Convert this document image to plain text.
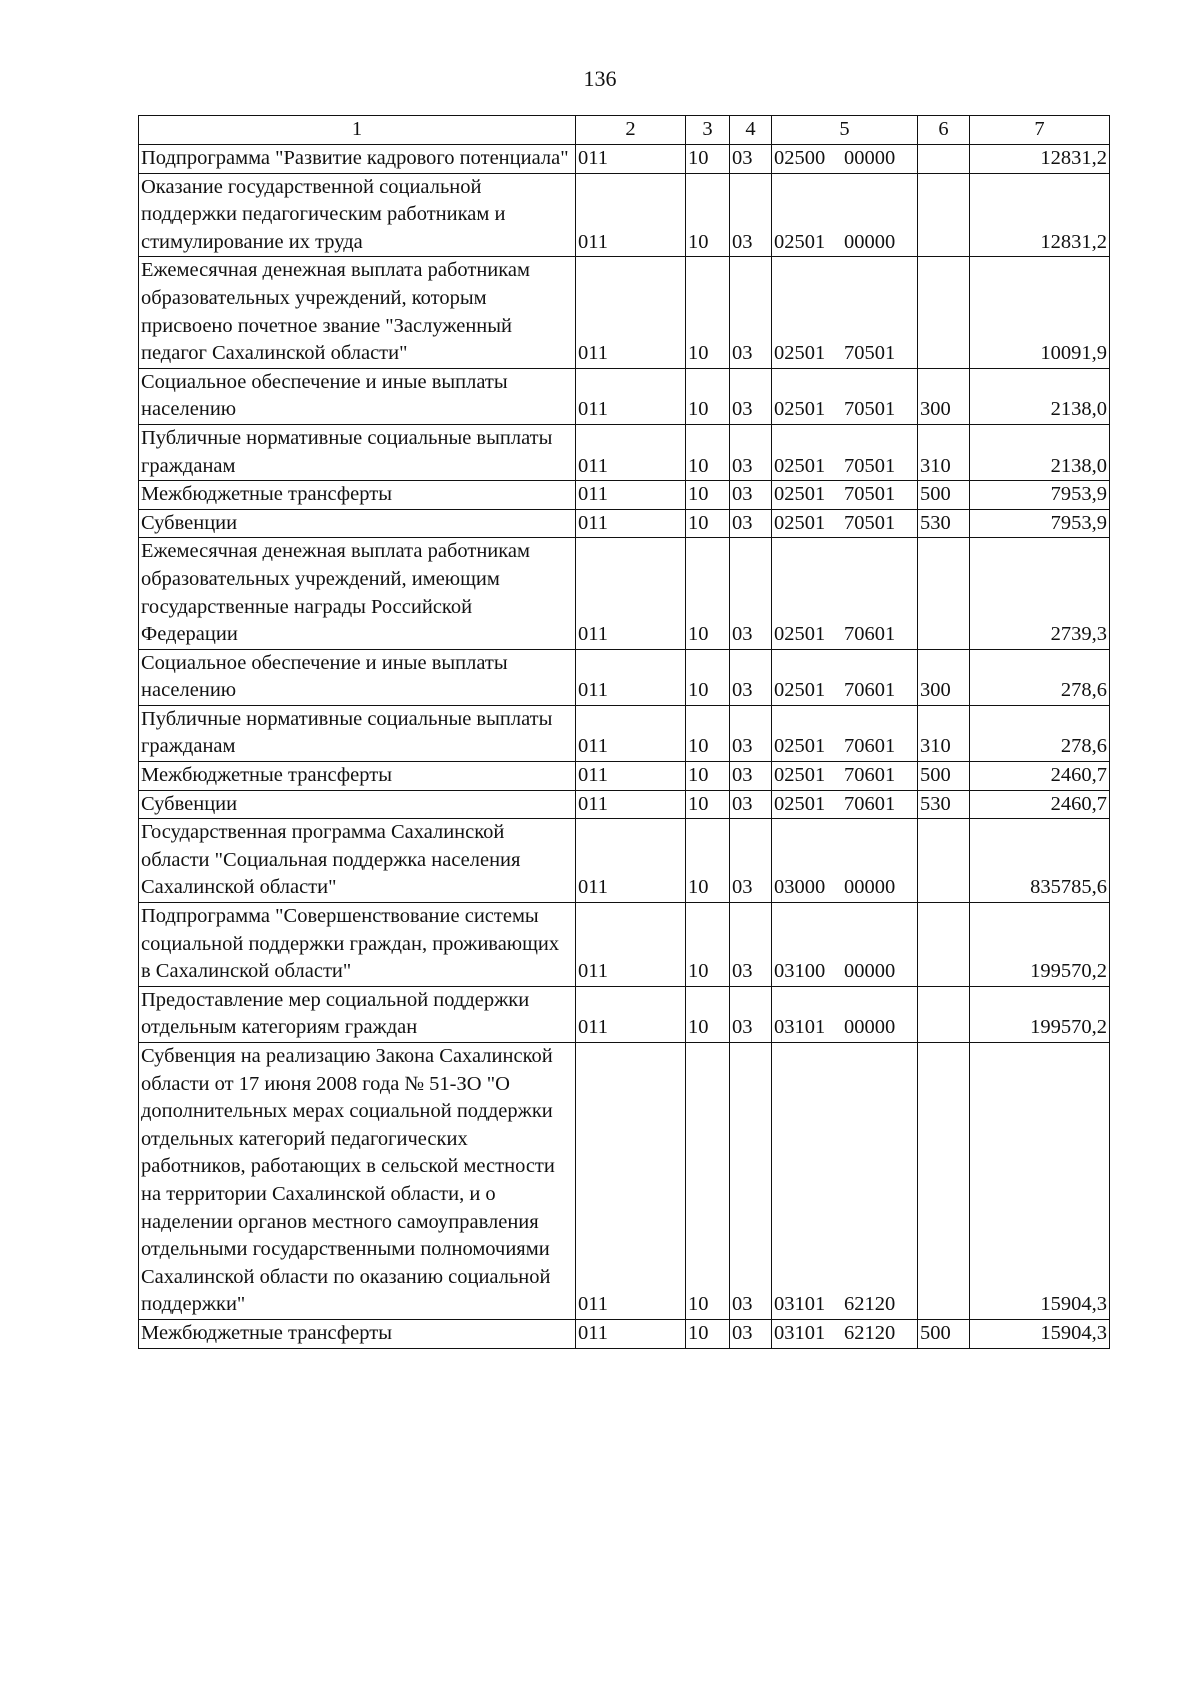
136
1	2	3	4	5	6	7
Подпрограмма "Развитие кадрового потенциала"	011	10	03	02500 00000		12831,2
Оказание государственной социальной поддержки педагогическим работникам и стимулирование их труда	011	10	03	02501 00000		12831,2
Ежемесячная денежная выплата работникам образовательных учреждений, которым присвоено почетное звание "Заслуженный педагог Сахалинской области"	011	10	03	02501 70501		10091,9
Социальное обеспечение и иные выплаты населению	011	10	03	02501 70501	300	2138,0
Публичные нормативные социальные выплаты гражданам	011	10	03	02501 70501	310	2138,0
Межбюджетные трансферты	011	10	03	02501 70501	500	7953,9
Субвенции	011	10	03	02501 70501	530	7953,9
Ежемесячная денежная выплата работникам образовательных учреждений, имеющим государственные награды Российской Федерации	011	10	03	02501 70601		2739,3
Социальное обеспечение и иные выплаты населению	011	10	03	02501 70601	300	278,6
Публичные нормативные социальные выплаты гражданам	011	10	03	02501 70601	310	278,6
Межбюджетные трансферты	011	10	03	02501 70601	500	2460,7
Субвенции	011	10	03	02501 70601	530	2460,7
Государственная программа Сахалинской области "Социальная поддержка населения Сахалинской области"	011	10	03	03000 00000		835785,6
Подпрограмма "Совершенствование системы социальной поддержки граждан, проживающих в Сахалинской области"	011	10	03	03100 00000		199570,2
Предоставление мер социальной поддержки отдельным категориям граждан	011	10	03	03101 00000		199570,2
Субвенция на реализацию Закона Сахалинской области от 17 июня 2008 года № 51-ЗО "О дополнительных мерах социальной поддержки отдельных категорий педагогических работников, работающих в сельской местности на территории Сахалинской области, и о наделении органов местного самоуправления отдельными государственными полномочиями Сахалинской области по оказанию социальной поддержки"	011	10	03	03101 62120		15904,3
Межбюджетные трансферты	011	10	03	03101 62120	500	15904,3
